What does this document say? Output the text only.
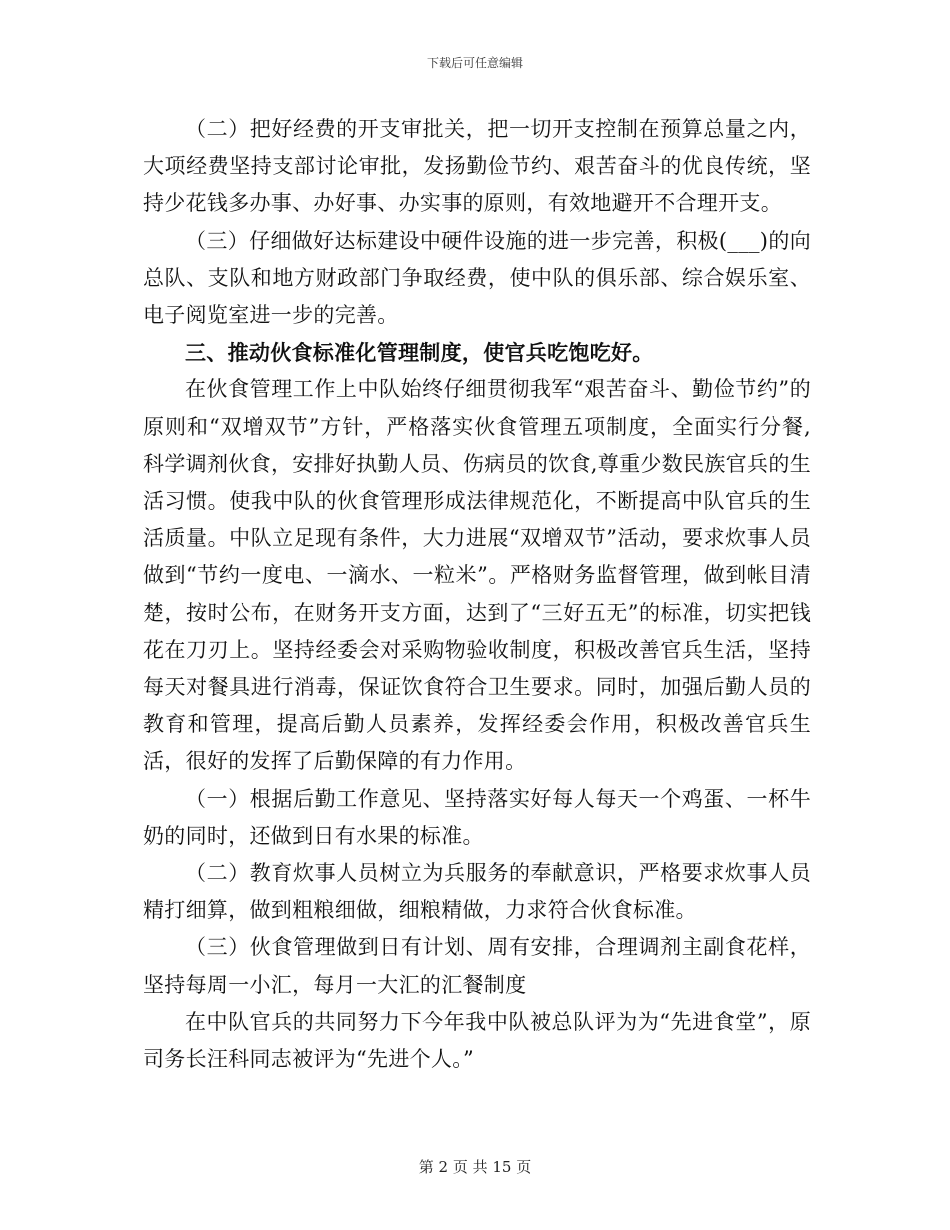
下载后可任意编辑

（二）把好经费的开支审批关，把一切开支控制在预算总量之内，大项经费坚持支部讨论审批，发扬勤俭节约、艰苦奋斗的优良传统，坚持少花钱多办事、办好事、办实事的原则，有效地避开不合理开支。

（三）仔细做好达标建设中硬件设施的进一步完善，积极(___)的向总队、支队和地方财政部门争取经费，使中队的俱乐部、综合娱乐室、电子阅览室进一步的完善。

三、推动伙食标准化管理制度，使官兵吃饱吃好。

在伙食管理工作上中队始终仔细贯彻我军“艰苦奋斗、勤俭节约”的原则和“双增双节”方针，严格落实伙食管理五项制度，全面实行分餐,科学调剂伙食，安排好执勤人员、伤病员的饮食,尊重少数民族官兵的生活习惯。使我中队的伙食管理形成法律规范化，不断提高中队官兵的生活质量。中队立足现有条件，大力进展“双增双节”活动，要求炊事人员做到“节约一度电、一滴水、一粒米”。严格财务监督管理，做到帐目清楚，按时公布，在财务开支方面，达到了“三好五无”的标准，切实把钱花在刀刃上。坚持经委会对采购物验收制度，积极改善官兵生活，坚持每天对餐具进行消毒，保证饮食符合卫生要求。同时，加强后勤人员的教育和管理，提高后勤人员素养，发挥经委会作用，积极改善官兵生活，很好的发挥了后勤保障的有力作用。

（一）根据后勤工作意见、坚持落实好每人每天一个鸡蛋、一杯牛奶的同时，还做到日有水果的标准。

（二）教育炊事人员树立为兵服务的奉献意识，严格要求炊事人员精打细算，做到粗粮细做，细粮精做，力求符合伙食标准。

（三）伙食管理做到日有计划、周有安排，合理调剂主副食花样，坚持每周一小汇，每月一大汇的汇餐制度

在中队官兵的共同努力下今年我中队被总队评为为“先进食堂”，原司务长汪科同志被评为“先进个人。”

第 2 页 共 15 页
